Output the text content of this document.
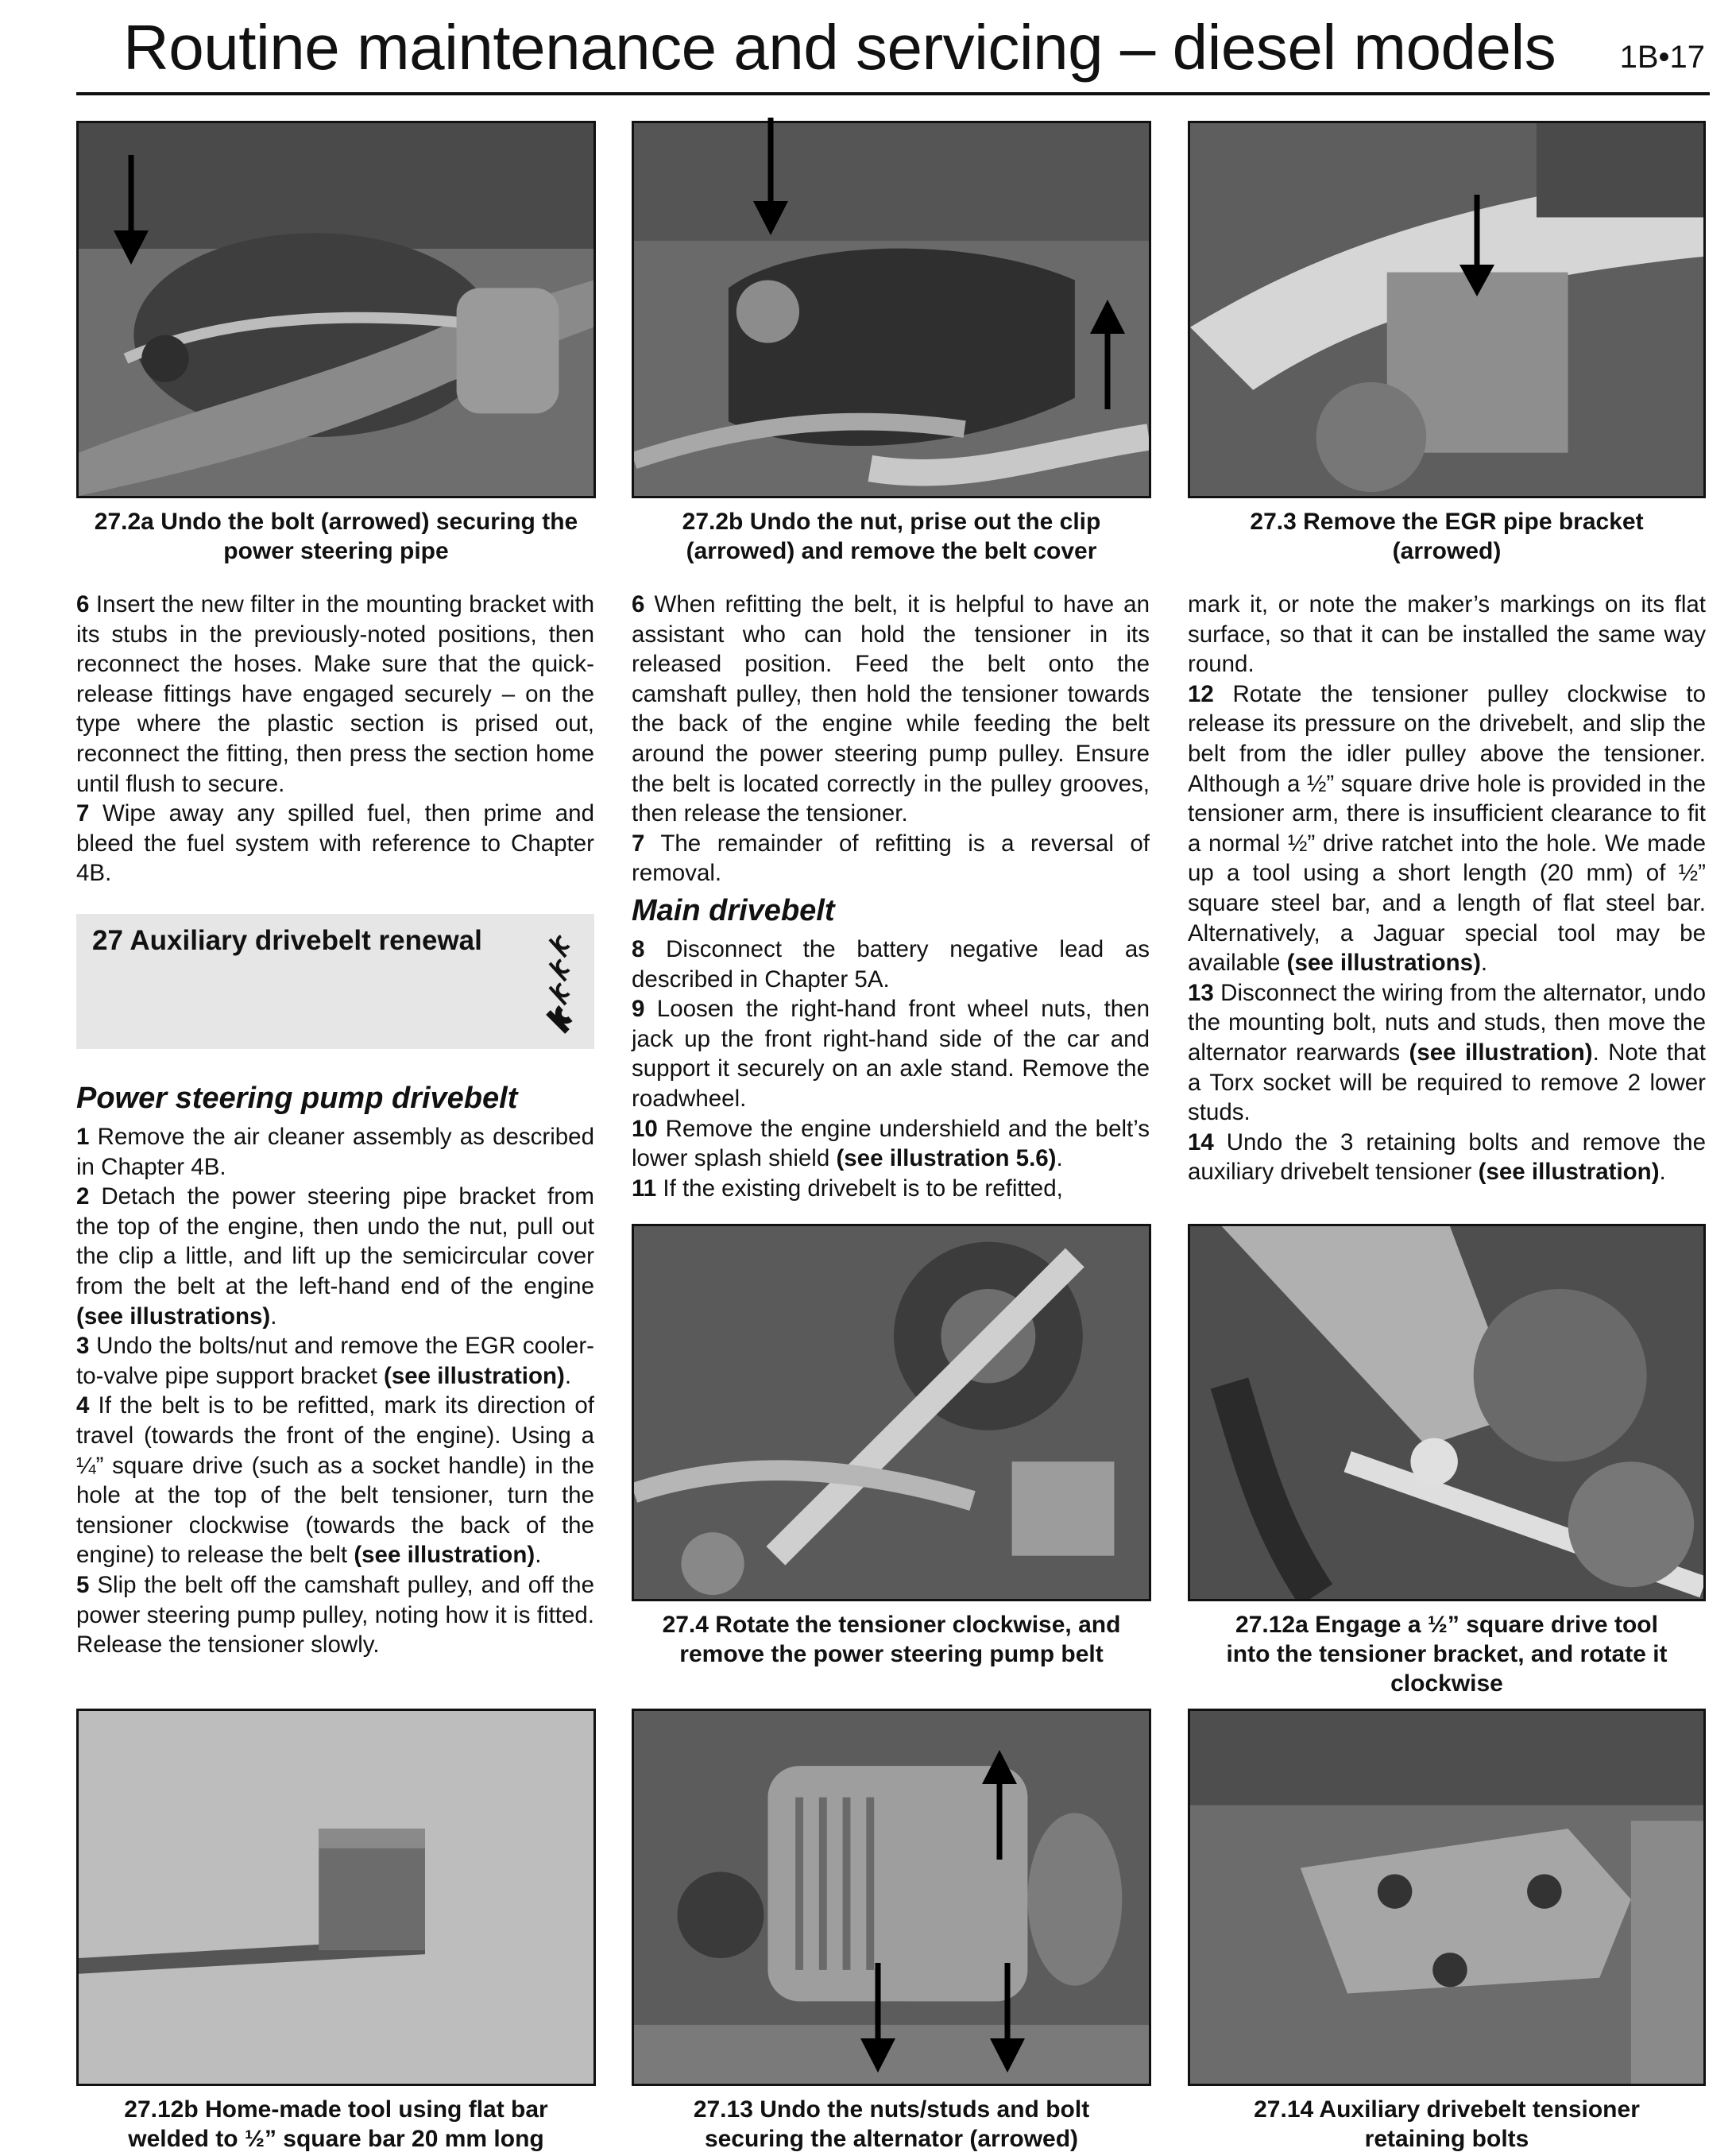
Routine maintenance and servicing – diesel models 1B•17
27.2a Undo the bolt (arrowed) securing the
power steering pipe
27.2b Undo the nut, prise out the clip
(arrowed) and remove the belt cover
27.3 Remove the EGR pipe bracket
(arrowed)

6 Insert the new filter in the mounting bracket with its stubs in the previously-noted positions, then reconnect the hoses. Make sure that the quick-release fittings have engaged securely – on the type where the plastic section is prised out, reconnect the fitting, then press the section home until flush to secure.

7 Wipe away any spilled fuel, then prime and bleed the fuel system with reference to Chapter 4B.

27 Auxiliary drivebelt renewal
Power steering pump drivebelt

1 Remove the air cleaner assembly as described in Chapter 4B.

2 Detach the power steering pipe bracket from the top of the engine, then undo the nut, pull out the clip a little, and lift up the semicircular cover from the belt at the left-hand end of the engine (see illustrations).

3 Undo the bolts/nut and remove the EGR cooler-to-valve pipe support bracket (see illustration).

4 If the belt is to be refitted, mark its direction of travel (towards the front of the engine). Using a ¼” square drive (such as a socket handle) in the hole at the top of the belt tensioner, turn the tensioner clockwise (towards the back of the engine) to release the belt (see illustration).

5 Slip the belt off the camshaft pulley, and off the power steering pump pulley, noting how it is fitted. Release the tensioner slowly.

6 When refitting the belt, it is helpful to have an assistant who can hold the tensioner in its released position. Feed the belt onto the camshaft pulley, then hold the tensioner towards the back of the engine while feeding the belt around the power steering pump pulley. Ensure the belt is located correctly in the pulley grooves, then release the tensioner.

7 The remainder of refitting is a reversal of removal.

Main drivebelt

8 Disconnect the battery negative lead as described in Chapter 5A.

9 Loosen the right-hand front wheel nuts, then jack up the front right-hand side of the car and support it securely on an axle stand. Remove the roadwheel.

10 Remove the engine undershield and the belt’s lower splash shield (see illustration 5.6).

11 If the existing drivebelt is to be refitted,

mark it, or note the maker’s markings on its flat surface, so that it can be installed the same way round.

12 Rotate the tensioner pulley clockwise to release its pressure on the drivebelt, and slip the belt from the idler pulley above the tensioner. Although a ½” square drive hole is provided in the tensioner arm, there is insufficient clearance to fit a normal ½” drive ratchet into the hole. We made up a tool using a short length (20 mm) of ½” square steel bar, and a length of flat steel bar. Alternatively, a Jaguar special tool may be available (see illustrations).

13 Disconnect the wiring from the alternator, undo the mounting bolt, nuts and studs, then move the alternator rearwards (see illustration). Note that a Torx socket will be required to remove 2 lower studs.

14 Undo the 3 retaining bolts and remove the auxiliary drivebelt tensioner (see illustration).

27.4 Rotate the tensioner clockwise, and
remove the power steering pump belt
27.12a Engage a ½” square drive tool
into the tensioner bracket, and rotate it
clockwise
27.12b Home-made tool using flat bar
welded to ½” square bar 20 mm long
27.13 Undo the nuts/studs and bolt
securing the alternator (arrowed)
27.14 Auxiliary drivebelt tensioner
retaining bolts
